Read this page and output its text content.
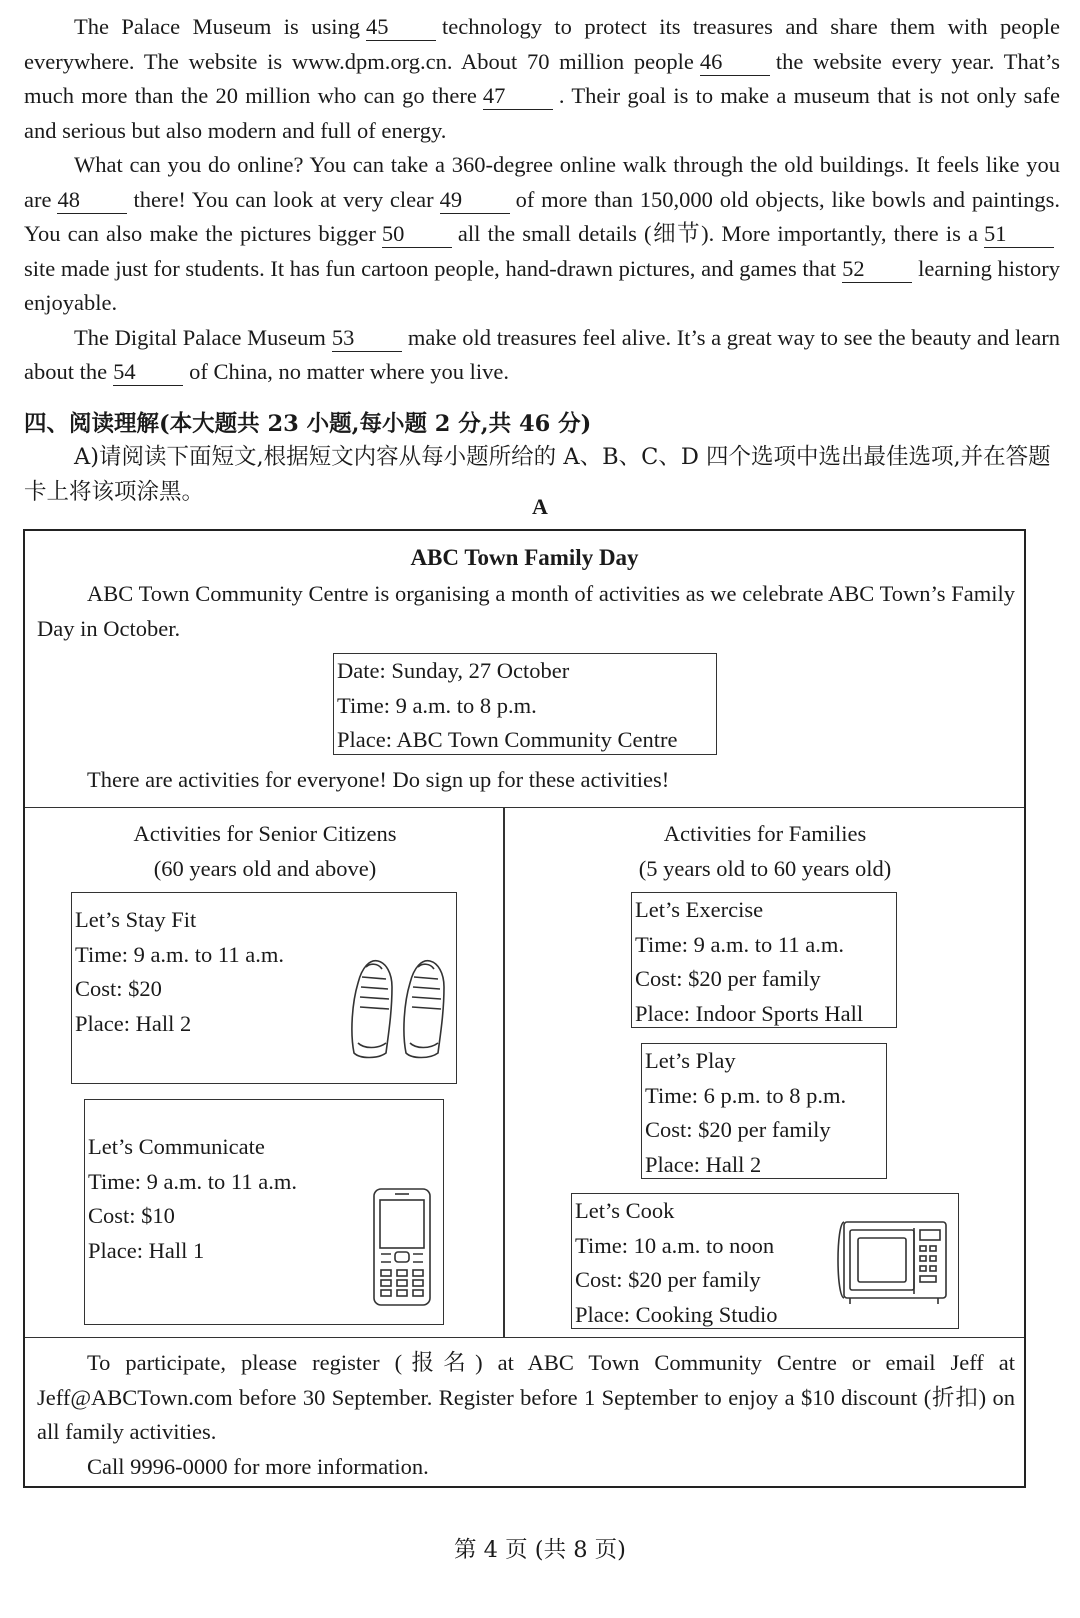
The Palace Museum is using 45 technology to protect its treasures and share them with people everywhere. The website is www.dpm.org.cn. About 70 million people 46 the website every year. That’s much more than the 20 million who can go there 47 . Their goal is to make a museum that is not only safe and serious but also modern and full of energy.

What can you do online? You can take a 360-degree online walk through the old buildings. It feels like you are 48 there! You can look at very clear 49 of more than 150,000 old objects, like bowls and paintings. You can also make the pictures bigger 50 all the small details (细节). More importantly, there is a 51site made just for students. It has fun cartoon people, hand-drawn pictures, and games that 52 learning history enjoyable.

The Digital Palace Museum 53 make old treasures feel alive. It’s a great way to see the beauty and learn about the 54 of China, no matter where you live.

四、阅读理解(本大题共 23 小题,每小题 2 分,共 46 分)

A)请阅读下面短文,根据短文内容从每小题所给的 A、B、C、D 四个选项中选出最佳选项,并在答题卡上将该项涂黑。

A
ABC Town Family Day

ABC Town Community Centre is organising a month of activities as we celebrate ABC Town’s Family Day in October.

Date: Sunday, 27 October
Time: 9 a.m. to 8 p.m.
Place: ABC Town Community Centre
There are activities for everyone! Do sign up for these activities!
Activities for Senior Citizens
(60 years old and above)
Let’s Stay Fit
Time: 9 a.m. to 11 a.m.
Cost: $20
Place: Hall 2
Let’s Communicate
Time: 9 a.m. to 11 a.m.
Cost: $10
Place: Hall 1
Activities for Families
(5 years old to 60 years old)
Let’s Exercise
Time: 9 a.m. to 11 a.m.
Cost: $20 per family
Place: Indoor Sports Hall
Let’s Play
Time: 6 p.m. to 8 p.m.
Cost: $20 per family
Place: Hall 2
Let’s Cook
Time: 10 a.m. to noon
Cost: $20 per family
Place: Cooking Studio

To participate, please register (报名) at ABC Town Community Centre or email Jeff at Jeff@ABCTown.com before 30 September. Register before 1 September to enjoy a $10 discount (折扣) on all family activities.

Call 9996-0000 for more information.

第 4 页 (共 8 页)
